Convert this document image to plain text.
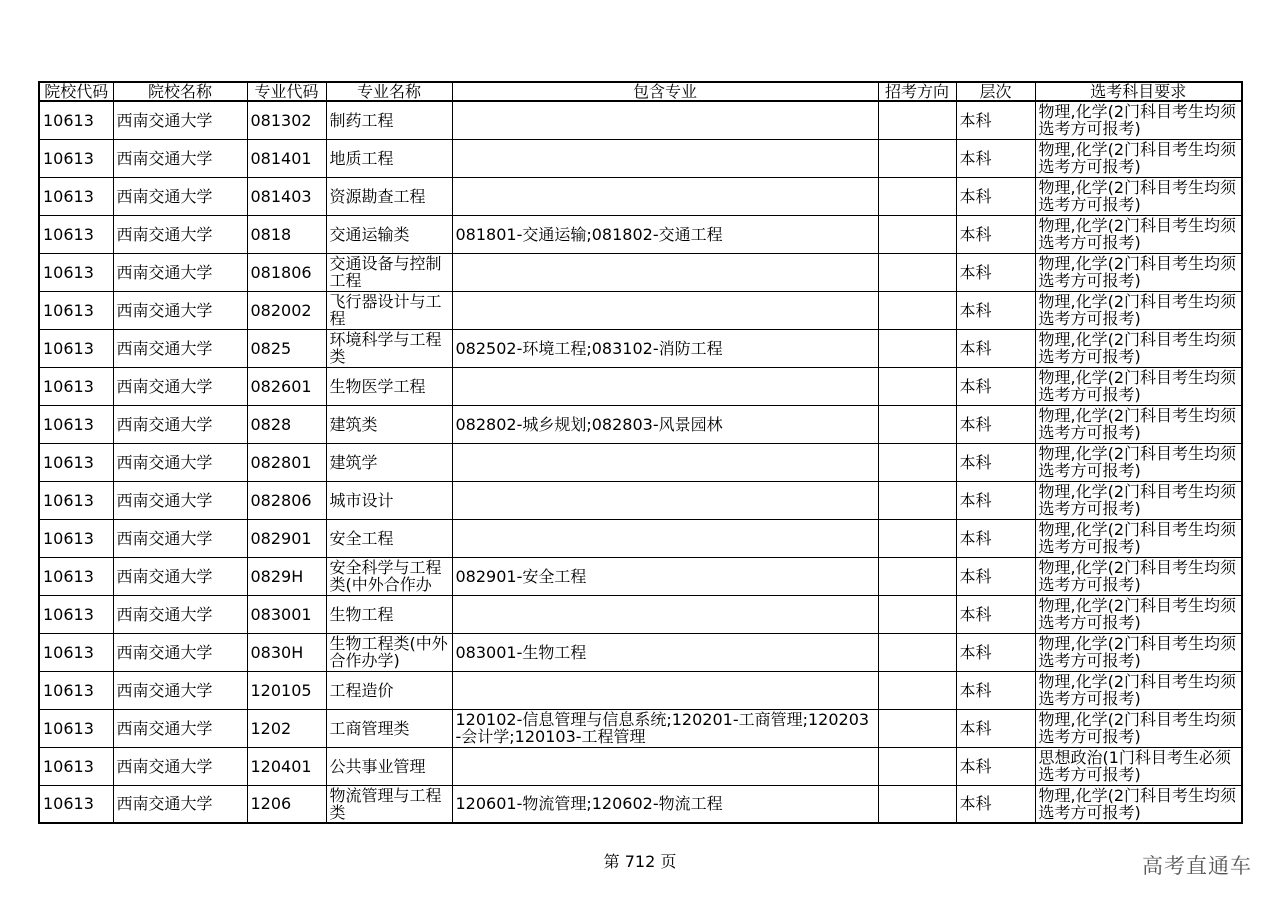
院校代码	院校名称	专业代码	专业名称	包含专业	招考方向	层次	选考科目要求

10613	西南交通大学	081302	制药工程			本科	物理,化学(2门科目考生均须选考方可报考)

10613	西南交通大学	081401	地质工程			本科	物理,化学(2门科目考生均须选考方可报考)

10613	西南交通大学	081403	资源勘查工程			本科	物理,化学(2门科目考生均须选考方可报考)

10613	西南交通大学	0818	交通运输类	081801-交通运输;081802-交通工程		本科	物理,化学(2门科目考生均须选考方可报考)

10613	西南交通大学	081806	交通设备与控制工程			本科	物理,化学(2门科目考生均须选考方可报考)

10613	西南交通大学	082002	飞行器设计与工程			本科	物理,化学(2门科目考生均须选考方可报考)

10613	西南交通大学	0825	环境科学与工程类	082502-环境工程;083102-消防工程		本科	物理,化学(2门科目考生均须选考方可报考)

10613	西南交通大学	082601	生物医学工程			本科	物理,化学(2门科目考生均须选考方可报考)

10613	西南交通大学	0828	建筑类	082802-城乡规划;082803-风景园林		本科	物理,化学(2门科目考生均须选考方可报考)

10613	西南交通大学	082801	建筑学			本科	物理,化学(2门科目考生均须选考方可报考)

10613	西南交通大学	082806	城市设计			本科	物理,化学(2门科目考生均须选考方可报考)

10613	西南交通大学	082901	安全工程			本科	物理,化学(2门科目考生均须选考方可报考)

10613	西南交通大学	0829H	安全科学与工程类(中外合作办	082901-安全工程		本科	物理,化学(2门科目考生均须选考方可报考)

10613	西南交通大学	083001	生物工程			本科	物理,化学(2门科目考生均须选考方可报考)

10613	西南交通大学	0830H	生物工程类(中外合作办学)	083001-生物工程		本科	物理,化学(2门科目考生均须选考方可报考)

10613	西南交通大学	120105	工程造价			本科	物理,化学(2门科目考生均须选考方可报考)

10613	西南交通大学	1202	工商管理类	120102-信息管理与信息系统;120201-工商管理;120203-会计学;120103-工程管理		本科	物理,化学(2门科目考生均须选考方可报考)

10613	西南交通大学	120401	公共事业管理			本科	思想政治(1门科目考生必须选考方可报考)

10613	西南交通大学	1206	物流管理与工程类	120601-物流管理;120602-物流工程		本科	物理,化学(2门科目考生均须选考方可报考)
第 712 页	高考直通车
